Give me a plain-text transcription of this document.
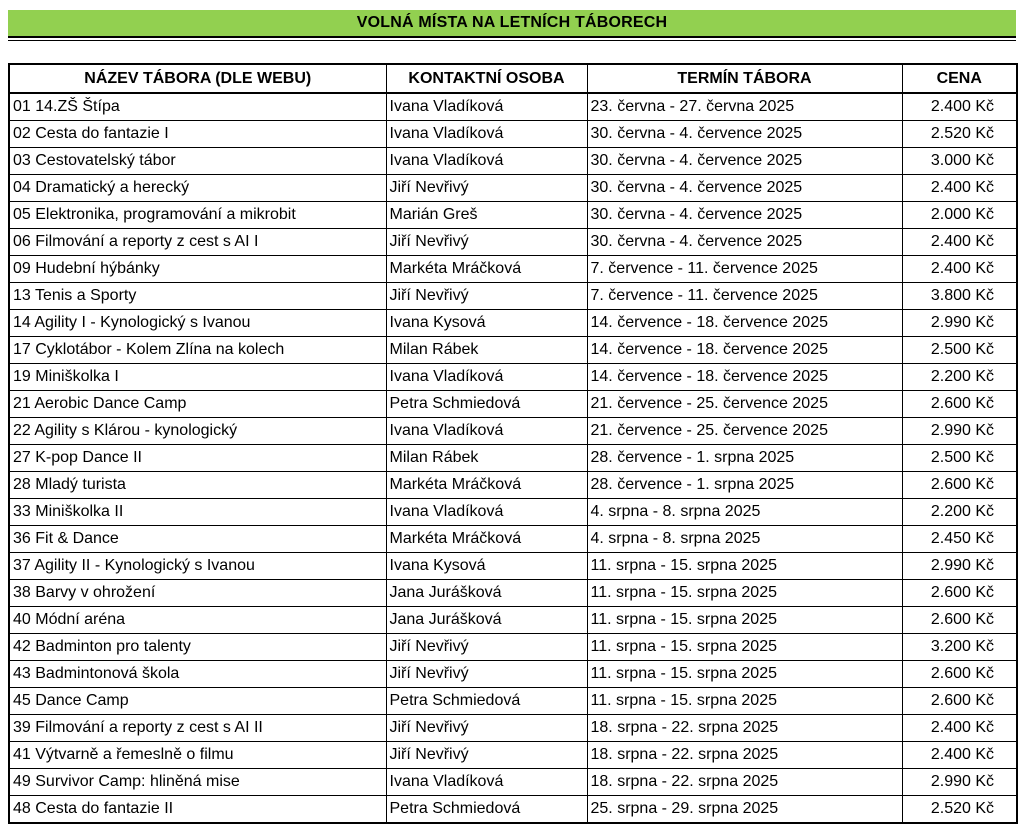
VOLNÁ MÍSTA NA LETNÍCH TÁBORECH
NÁZEV TÁBORA (DLE WEBU)	KONTAKTNÍ OSOBA	TERMÍN TÁBORA	CENA
01 14.ZŠ Štípa	Ivana Vladíková	23. června - 27. června 2025	2.400 Kč
02 Cesta do fantazie I	Ivana Vladíková	30. června - 4. července 2025	2.520 Kč
03 Cestovatelský tábor	Ivana Vladíková	30. června - 4. července 2025	3.000 Kč
04 Dramatický a herecký	Jiří Nevřivý	30. června - 4. července 2025	2.400 Kč
05 Elektronika, programování a mikrobit	Marián Greš	30. června - 4. července 2025	2.000 Kč
06 Filmování a reporty z cest s AI I	Jiří Nevřivý	30. června - 4. července 2025	2.400 Kč
09 Hudební hýbánky	Markéta Mráčková	7. července - 11. července 2025	2.400 Kč
13 Tenis a Sporty	Jiří Nevřivý	7. července - 11. července 2025	3.800 Kč
14 Agility I - Kynologický s Ivanou	Ivana Kysová	14. července - 18. července 2025	2.990 Kč
17 Cyklotábor - Kolem Zlína na kolech	Milan Rábek	14. července - 18. července 2025	2.500 Kč
19 Miniškolka I	Ivana Vladíková	14. července - 18. července 2025	2.200 Kč
21 Aerobic Dance Camp	Petra Schmiedová	21. července - 25. července 2025	2.600 Kč
22 Agility s Klárou - kynologický	Ivana Vladíková	21. července - 25. července 2025	2.990 Kč
27 K-pop Dance II	Milan Rábek	28. července - 1. srpna 2025	2.500 Kč
28 Mladý turista	Markéta Mráčková	28. července - 1. srpna 2025	2.600 Kč
33 Miniškolka II	Ivana Vladíková	4. srpna - 8. srpna 2025	2.200 Kč
36 Fit & Dance	Markéta Mráčková	4. srpna - 8. srpna 2025	2.450 Kč
37 Agility II - Kynologický s Ivanou	Ivana Kysová	11. srpna - 15. srpna 2025	2.990 Kč
38 Barvy v ohrožení	Jana Jurášková	11. srpna - 15. srpna 2025	2.600 Kč
40 Módní aréna	Jana Jurášková	11. srpna - 15. srpna 2025	2.600 Kč
42 Badminton pro talenty	Jiří Nevřivý	11. srpna - 15. srpna 2025	3.200 Kč
43 Badmintonová škola	Jiří Nevřivý	11. srpna - 15. srpna 2025	2.600 Kč
45 Dance Camp	Petra Schmiedová	11. srpna - 15. srpna 2025	2.600 Kč
39 Filmování a reporty z cest s AI II	Jiří Nevřivý	18. srpna - 22. srpna 2025	2.400 Kč
41 Výtvarně a řemeslně o filmu	Jiří Nevřivý	18. srpna - 22. srpna 2025	2.400 Kč
49 Survivor Camp: hliněná mise	Ivana Vladíková	18. srpna - 22. srpna 2025	2.990 Kč
48 Cesta do fantazie II	Petra Schmiedová	25. srpna - 29. srpna 2025	2.520 Kč
